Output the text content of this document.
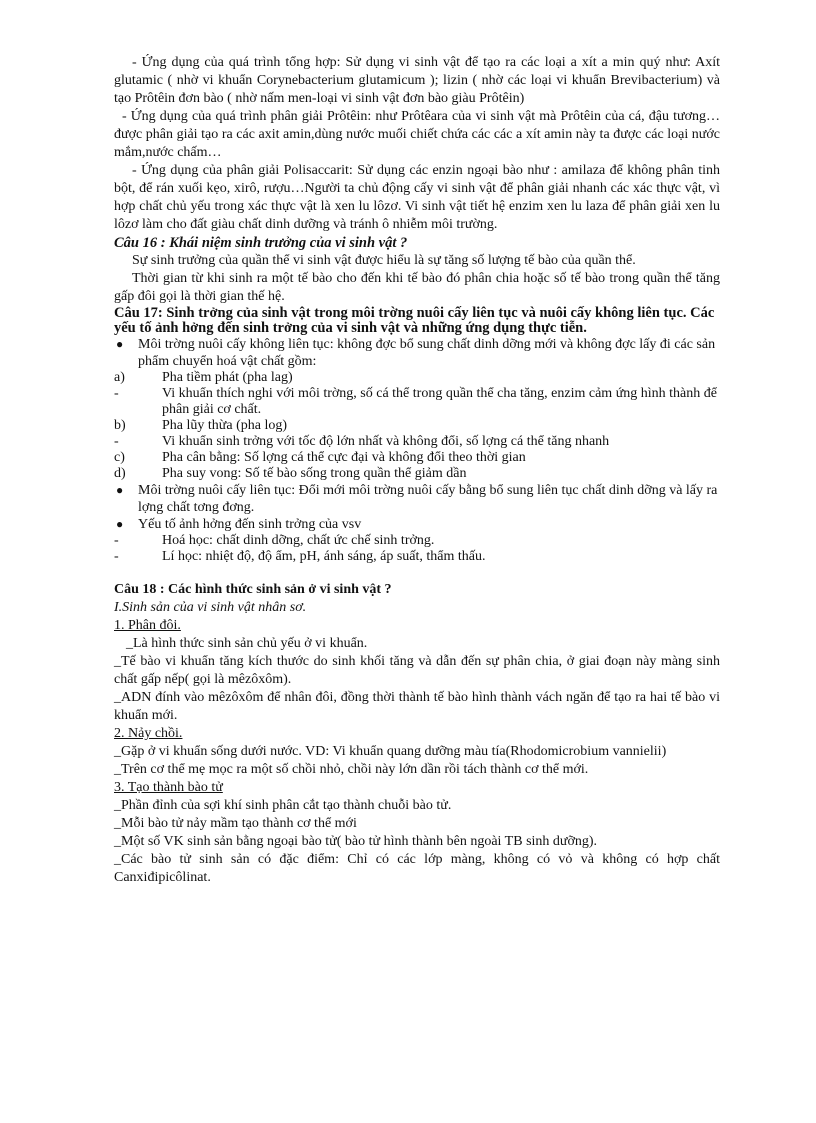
- Ứng dụng của quá trình tổng hợp: Sử dụng vi sinh vật để tạo ra các loại a xít a min quý như: Axít glutamic ( nhờ vi khuẩn Corynebacterium glutamicum ); lizin ( nhờ các loại vi khuẩn Brevibacterium) và tạo Prôtêin đơn bào ( nhờ nấm men-loại vi sinh vật đơn bào giàu Prôtêin)

- Ứng dụng của quá trình phân giải Prôtêin: như Prôtêara của vi sinh vật mà Prôtêin của cá, đậu tương…được phân giải tạo ra các axit amin,dùng nước muối chiết chứa các các a xít amin này ta được các loại nước mắm,nước chấm…

- Ứng dụng của phân giải Polisaccarit: Sử dụng các enzin ngoại bào như : amilaza để không phân tinh bột, để rán xuối kẹo, xirô, rượu…Người ta chủ động cấy vi sinh vật để phân giải nhanh các xác thực vật, vì hợp chất chủ yếu trong xác thực vật là xen lu lôzơ. Vi sinh vật tiết hệ enzim xen lu laza để phân giải xen lu lôzơ làm cho đất giàu chất dinh dưỡng và tránh ô nhiễm môi trường.

Câu 16 : Khái niệm sinh trưởng của vi sinh vật ?

Sự sinh trưởng của quần thể vi sinh vật được hiểu là sự tăng số lượng tế bào của quần thể.

Thời gian từ khi sinh ra một tế bào cho đến khi tế bào đó phân chia hoặc số tế bào trong quần thể tăng gấp đôi gọi là thời gian thế hệ.

Câu 17: Sinh trởng của sinh vật trong môi trờng nuôi cấy liên tục và nuôi cấy không liên tục. Các yếu tố ảnh hởng đến sinh trởng của vi sinh vật và những ứng dụng thực tiễn.

●	Môi trờng nuôi cấy không liên tục: không đợc bổ sung chất dinh dỡng mới và không đợc lấy đi các sản phẩm chuyển hoá vật chất gồm:
a)	Pha tiềm phát (pha lag)
-	Vi khuẩn thích nghi với môi trờng, số cá thể trong quần thể cha tăng, enzim cảm ứng hình thành để phân giải cơ chất.
b)	Pha lũy thừa (pha log)
-	Vi khuẩn sinh trởng với tốc độ lớn nhất và không đổi, số lợng cá thể tăng nhanh
c)	Pha cân bằng: Số lợng cá thể cực đại và không đổi theo thời gian
d)	Pha suy vong: Số tế bào sống trong quần thể giảm dần
●	Môi trờng nuôi cấy liên tục: Đổi mới môi trờng nuôi cấy bằng bổ sung liên tục chất dinh dỡng và lấy ra lợng chất tơng đơng.
●	Yếu tố ảnh hởng đến sinh trởng của vsv
-	Hoá học: chất dinh dỡng, chất ức chế sinh trởng.
-	Lí học: nhiệt độ, độ ẩm, pH, ánh sáng, áp suất, thẩm thấu.

Câu 18 : Các hình thức sinh sản ở vi sinh vật ?

I.Sinh sản của vi sinh vật nhân sơ.

1. Phân đôi.

_Là hình thức sinh sản chủ yếu ở vi khuẩn.

_Tế bào vi khuẩn tăng kích thước do sinh khối tăng và dẫn đến sự phân chia, ở giai đoạn này màng sinh chất gấp nếp( gọi là mêzôxôm).

_ADN đính vào mêzôxôm để nhân đôi, đồng thời thành tế bào hình thành vách ngăn để tạo ra hai tế bào vi khuẩn mới.

2. Nảy chồi.

_Gặp ở vi khuẩn sống dưới nước. VD: Vi khuẩn quang dưỡng màu tía(Rhodomicrobium vannielii)

_Trên cơ thể mẹ mọc ra một số chồi nhỏ, chồi này lớn dần rồi tách thành cơ thể mới.

3. Tạo thành bào tử

_Phần đỉnh của sợi khí sinh phân cắt tạo thành chuỗi bào tử.

_Mỗi bào tử nảy mầm tạo thành cơ thể mới

_Một số VK sinh sản bằng ngoại bào tử( bào tử hình thành bên ngoài TB sinh dưỡng).

_Các bào tử sinh sản có đặc điểm: Chỉ có các lớp màng, không có vỏ và không có hợp chất Canxiđipicôlinat.
